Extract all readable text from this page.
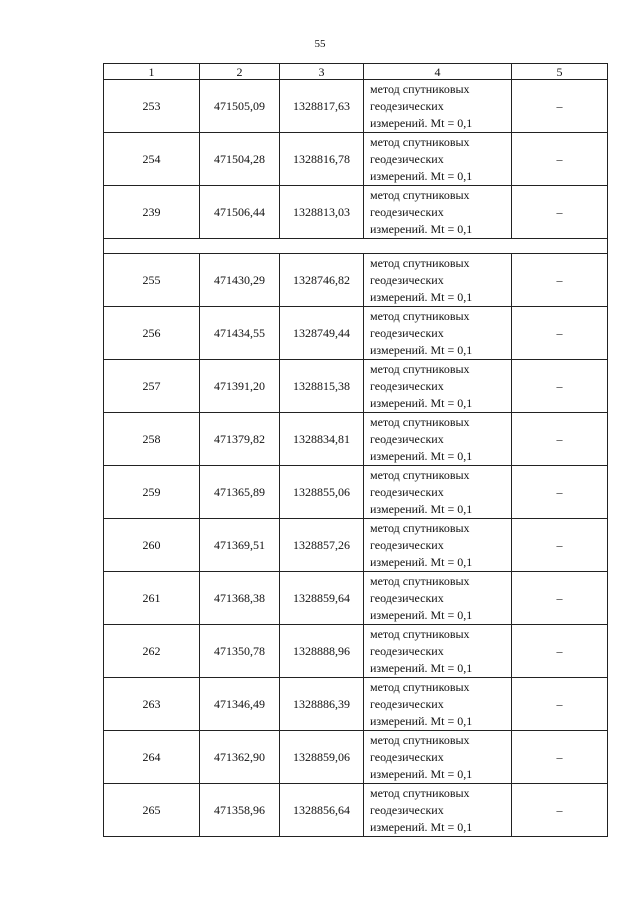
55
1	2	3	4	5
253	471505,09	1328817,63	метод спутниковых
геодезических
измерений. Mt = 0,1	–
254	471504,28	1328816,78	метод спутниковых
геодезических
измерений. Mt = 0,1	–
239	471506,44	1328813,03	метод спутниковых
геодезических
измерений. Mt = 0,1	–

255	471430,29	1328746,82	метод спутниковых
геодезических
измерений. Mt = 0,1	–
256	471434,55	1328749,44	метод спутниковых
геодезических
измерений. Mt = 0,1	–
257	471391,20	1328815,38	метод спутниковых
геодезических
измерений. Mt = 0,1	–
258	471379,82	1328834,81	метод спутниковых
геодезических
измерений. Mt = 0,1	–
259	471365,89	1328855,06	метод спутниковых
геодезических
измерений. Mt = 0,1	–
260	471369,51	1328857,26	метод спутниковых
геодезических
измерений. Mt = 0,1	–
261	471368,38	1328859,64	метод спутниковых
геодезических
измерений. Mt = 0,1	–
262	471350,78	1328888,96	метод спутниковых
геодезических
измерений. Mt = 0,1	–
263	471346,49	1328886,39	метод спутниковых
геодезических
измерений. Mt = 0,1	–
264	471362,90	1328859,06	метод спутниковых
геодезических
измерений. Mt = 0,1	–
265	471358,96	1328856,64	метод спутниковых
геодезических
измерений. Mt = 0,1	–
